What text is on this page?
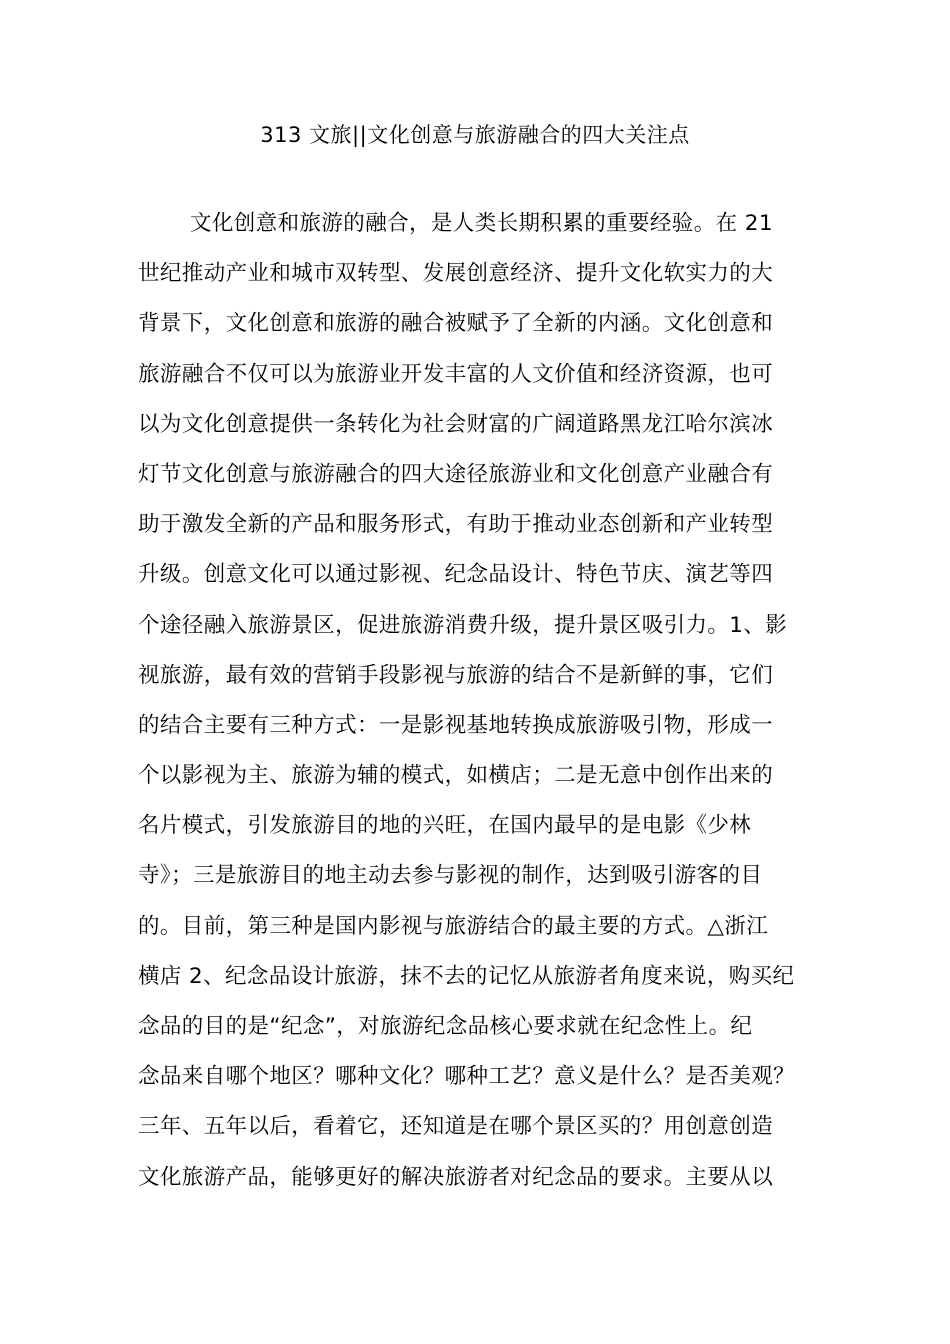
313 文旅||文化创意与旅游融合的四大关注点
文化创意和旅游的融合，是人类长期积累的重要经验。在 21
世纪推动产业和城市双转型、发展创意经济、提升文化软实力的大
背景下，文化创意和旅游的融合被赋予了全新的内涵。文化创意和
旅游融合不仅可以为旅游业开发丰富的人文价值和经济资源，也可
以为文化创意提供一条转化为社会财富的广阔道路黑龙江哈尔滨冰
灯节文化创意与旅游融合的四大途径旅游业和文化创意产业融合有
助于激发全新的产品和服务形式，有助于推动业态创新和产业转型
升级。创意文化可以通过影视、纪念品设计、特色节庆、演艺等四
个途径融入旅游景区，促进旅游消费升级，提升景区吸引力。1、影
视旅游，最有效的营销手段影视与旅游的结合不是新鲜的事，它们
的结合主要有三种方式：一是影视基地转换成旅游吸引物，形成一
个以影视为主、旅游为辅的模式，如横店；二是无意中创作出来的
名片模式，引发旅游目的地的兴旺，在国内最早的是电影《少林
寺》；三是旅游目的地主动去参与影视的制作，达到吸引游客的目
的。目前，第三种是国内影视与旅游结合的最主要的方式。△浙江
横店 2、纪念品设计旅游，抹不去的记忆从旅游者角度来说，购买纪
念品的目的是“纪念”，对旅游纪念品核心要求就在纪念性上。纪
念品来自哪个地区？哪种文化？哪种工艺？意义是什么？是否美观？
三年、五年以后，看着它，还知道是在哪个景区买的？用创意创造
文化旅游产品，能够更好的解决旅游者对纪念品的要求。主要从以
